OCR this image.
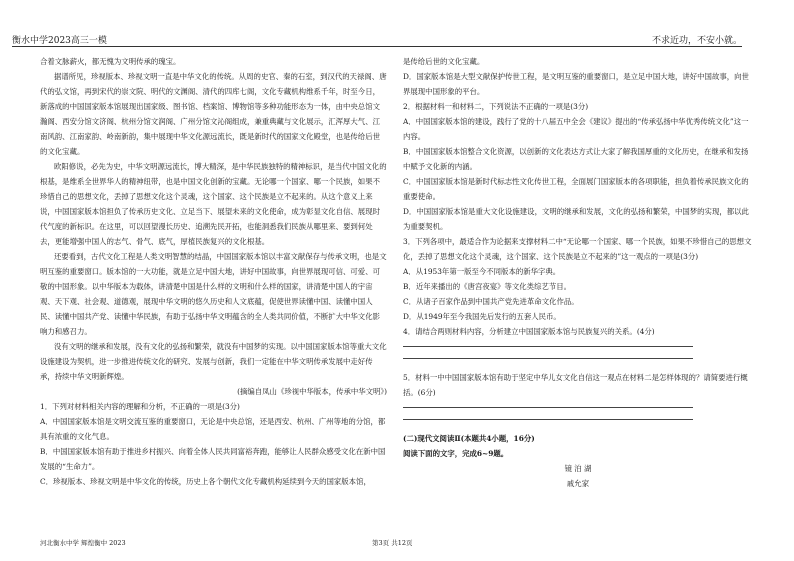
衡水中学2023高三一模	不求近功，不安小就。

合着文脉薪火，都无愧为文明传承的瑰宝。

据谱所见，珍视版本、珍视文明一直是中华文化的传统。从周的史官、秦的石室，到汉代的天禄阁、唐代的弘文馆，再到宋代的崇文院、明代的文渊阁、清代的四库七阁，文化专藏机构维系千年，时至今日，新落成的中国国家版本馆展现出国家级、图书馆、档案馆、博物馆等多种功能形态为一体，由中央总馆文瀚阁、西安分馆文济阁、杭州分馆文润阁、广州分馆文沁阁组成，兼重典藏与文化展示，汇浑厚大气、江南风韵、江南家韵、岭南新韵，集中展现中华文化源远流长，既是新时代的国家文化殿堂，也是传给后世的文化宝藏。

欧阳修说，必先为史，中华文明源远流长，博大精深，是中华民族独特的精神标识，是当代中国文化的根基，是维系全世界华人的精神纽带，也是中国文化创新的宝藏。无论哪一个国家、哪一个民族，如果不珍惜自己的思想文化，丢掉了思想文化这个灵魂，这个国家、这个民族是立不起来的。从这个意义上来说，中国国家版本馆担负了传承历史文化、立足当下、展望未来的文化使命，成为彰显文化自信、展现时代气度的新标识。在这里，可以回望漫长历史、追溯先民开拓，也能洞悉我们民族从哪里来、要到何处去，更能增强中国人的志气、骨气、底气，厚植民族复兴的文化根基。

还要看到，古代文化工程是人类文明智慧的结晶，中国国家版本馆以丰富文献保存与传承文明，也是文明互鉴的重要窗口。版本馆的一大功能，就是立足中国大地，讲好中国故事，向世界展现可信、可爱、可敬的中国形象。以中华版本为载体，讲清楚中国是什么样的文明和什么样的国家，讲清楚中国人的宇宙观、天下观、社会观、道德观，展现中华文明的悠久历史和人文底蕴，促使世界读懂中国、读懂中国人民、读懂中国共产党、读懂中华民族，有助于弘扬中华文明蕴含的全人类共同价值，不断扩大中华文化影响力和感召力。

没有文明的继承和发展，没有文化的弘扬和繁荣，就没有中国梦的实现。以中国国家版本馆等重大文化设施建设为契机，进一步推进传统文化的研究、发展与创新，我们一定能在中华文明传承发展中走好传承，持续中华文明新辉煌。

(摘编自凤山《珍视中华版本，传承中华文明》)

1．下列对材料相关内容的理解和分析，不正确的一项是(3分)

A．中国国家版本馆是文明交流互鉴的重要窗口，无论是中央总馆，还是西安、杭州、广州等地的分馆，都具有浓重的文化气息。

B．中国国家版本馆有助于推进乡村振兴、向着全体人民共同富裕奔跑，能够让人民群众感受文化在新中国发展的“生命力”。

C．珍视版本、珍视文明是中华文化的传统，历史上各个朝代文化专藏机构延续到今天的国家版本馆，

是传给后世的文化宝藏。

D．国家版本馆是大型文献保护传世工程，是文明互鉴的重要窗口，是立足中国大地，讲好中国故事，向世界展现中国形象的平台。

2．根据材料一和材料二，下列说法不正确的一项是(3分)

A．中国国家版本馆的建设，践行了党的十八届五中全会《建议》提出的“传承弘扬中华优秀传统文化”这一内容。

B．中国国家版本馆整合文化资源，以创新的文化表达方式让大家了解我国厚重的文化历史，在继承和发扬中赋予文化新的内涵。

C．中国国家版本馆是新时代标志性文化传世工程，全面展门国家版本的各项职能，担负着传承民族文化的重要使命。

D．中国国家版本馆是重大文化设施建设，文明的继承和发展，文化的弘扬和繁荣，中国梦的实现，都以此为重要契机。

3．下列各项中，最适合作为论据来支撑材料二中“无论哪一个国家、哪一个民族，如果不珍惜自己的思想文化，丢掉了思想文化这个灵魂，这个国家、这个民族是立不起来的”这一观点的一项是(3分)

A．从1953年第一版至今不同版本的新华字典。

B．近年来播出的《唐宫夜宴》等文化类综艺节目。

C．从诸子百家作品到中国共产党先进革命文化作品。

D．从1949年至今我国先后发行的五套人民币。

4．请结合两则材料内容，分析建立中国国家版本馆与民族复兴的关系。(4分)

5．材料一中中国国家版本馆有助于坚定中华儿女文化自信这一观点在材料二是怎样体现的？请简要进行概括。(6分)

(二)现代文阅读Ⅱ(本题共4小题，16分)

阅读下面的文字，完成6~9题。

镜 泊 湖

戚允家

河北衡水中学 辉煌衡中 2023	第3页 共12页
